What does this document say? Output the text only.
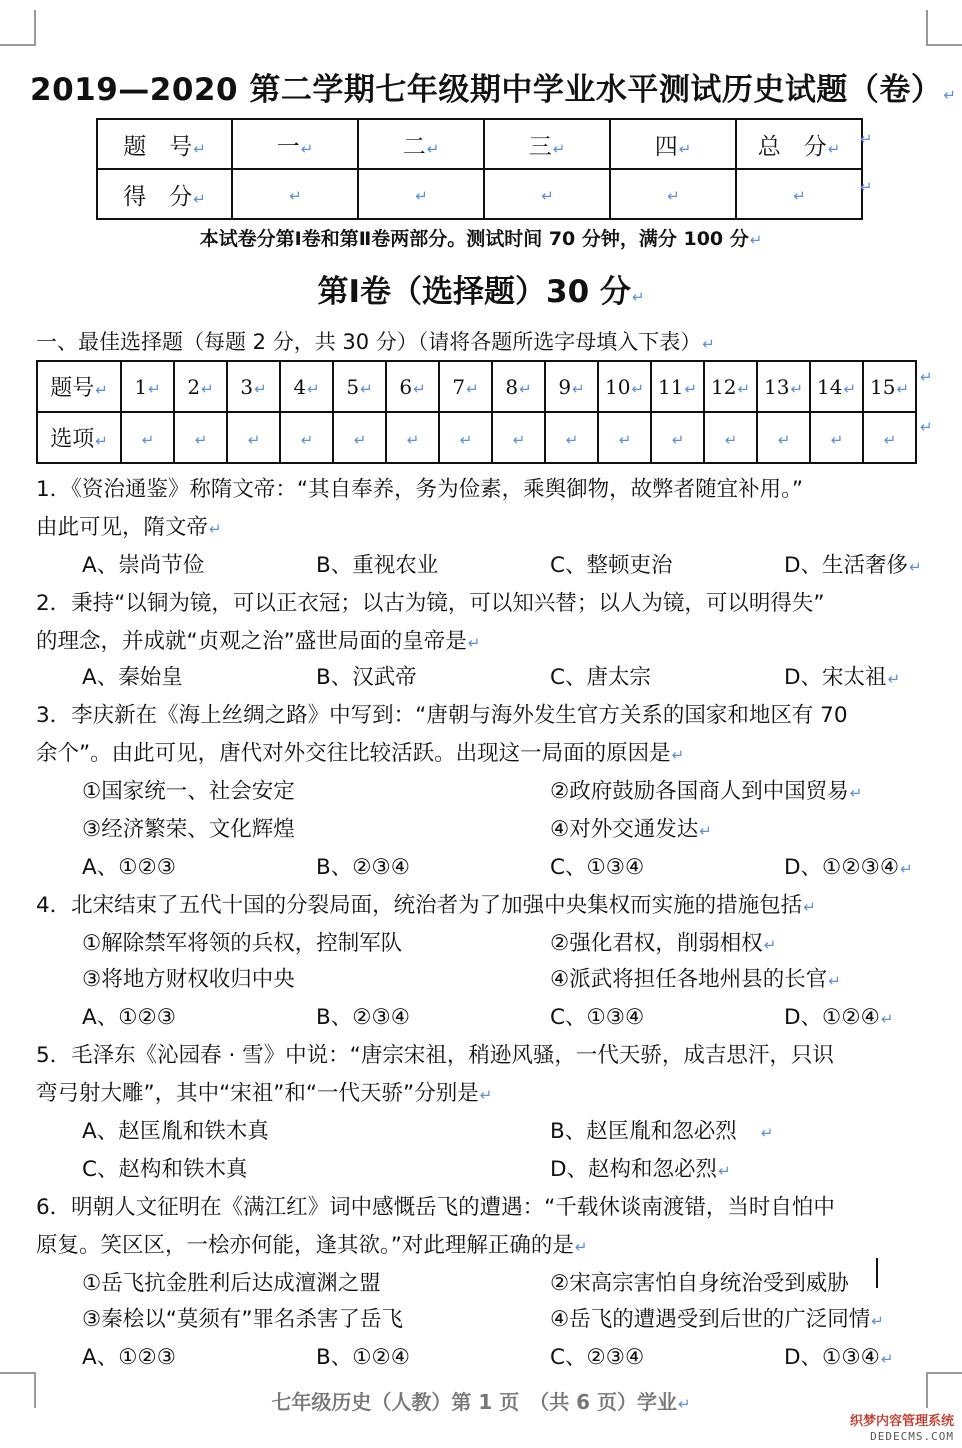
2019—2020 第二学期七年级期中学业水平测试历史试题（卷）↵
题　号↵	一↵	二↵	三↵	四↵	总　分↵
得　分↵	↵	↵	↵	↵	↵
↵
↵
本试卷分第Ⅰ卷和第Ⅱ卷两部分。测试时间 70 分钟，满分 100 分↵
第Ⅰ卷（选择题）30 分↵
一、最佳选择题（每题 2 分，共 30 分）（请将各题所选字母填入下表）↵
题号↵	1↵	2↵	3↵	4↵	5↵	6↵	7↵	8↵	9↵	10↵	11↵	12↵	13↵	14↵	15↵
选项↵	↵	↵	↵	↵	↵	↵	↵	↵	↵	↵	↵	↵	↵	↵	↵
↵
↵
1．《资治通鉴》称隋文帝：“其自奉养，务为俭素，乘舆御物，故弊者随宜补用。”
由此可见，隋文帝↵
A、崇尚节俭	B、重视农业	C、整顿吏治	D、生活奢侈↵
2．秉持“以铜为镜，可以正衣冠；以古为镜，可以知兴替；以人为镜，可以明得失”
的理念，并成就“贞观之治”盛世局面的皇帝是↵
A、秦始皇	B、汉武帝	C、唐太宗	D、宋太祖↵
3．李庆新在《海上丝绸之路》中写到：“唐朝与海外发生官方关系的国家和地区有 70
余个”。由此可见，唐代对外交往比较活跃。出现这一局面的原因是↵
①国家统一、社会安定	②政府鼓励各国商人到中国贸易↵
③经济繁荣、文化辉煌	④对外交通发达↵
A、①②③	B、②③④	C、①③④	D、①②③④↵
4．北宋结束了五代十国的分裂局面，统治者为了加强中央集权而实施的措施包括↵
①解除禁军将领的兵权，控制军队	②强化君权，削弱相权↵
③将地方财权收归中央	④派武将担任各地州县的长官↵
A、①②③	B、②③④	C、①③④	D、①②④↵
5．毛泽东《沁园春 · 雪》中说：“唐宗宋祖，稍逊风骚，一代天骄，成吉思汗，只识
弯弓射大雕”，其中“宋祖”和“一代天骄”分别是↵
A、赵匡胤和铁木真	B、赵匡胤和忽必烈 ↵
C、赵构和铁木真	D、赵构和忽必烈↵
6．明朝人文征明在《满江红》词中感慨岳飞的遭遇：“千载休谈南渡错，当时自怕中
原复。笑区区，一桧亦何能，逢其欲。”对此理解正确的是↵
①岳飞抗金胜利后达成澶渊之盟	②宋高宗害怕自身统治受到威胁
③秦桧以“莫须有”罪名杀害了岳飞	④岳飞的遭遇受到后世的广泛同情↵
A、①②③	B、①②④	C、②③④	D、①③④↵
七年级历史（人教）第 1 页　（共 6 页）学业↵
织梦内容管理系统
DEDECMS.COM
